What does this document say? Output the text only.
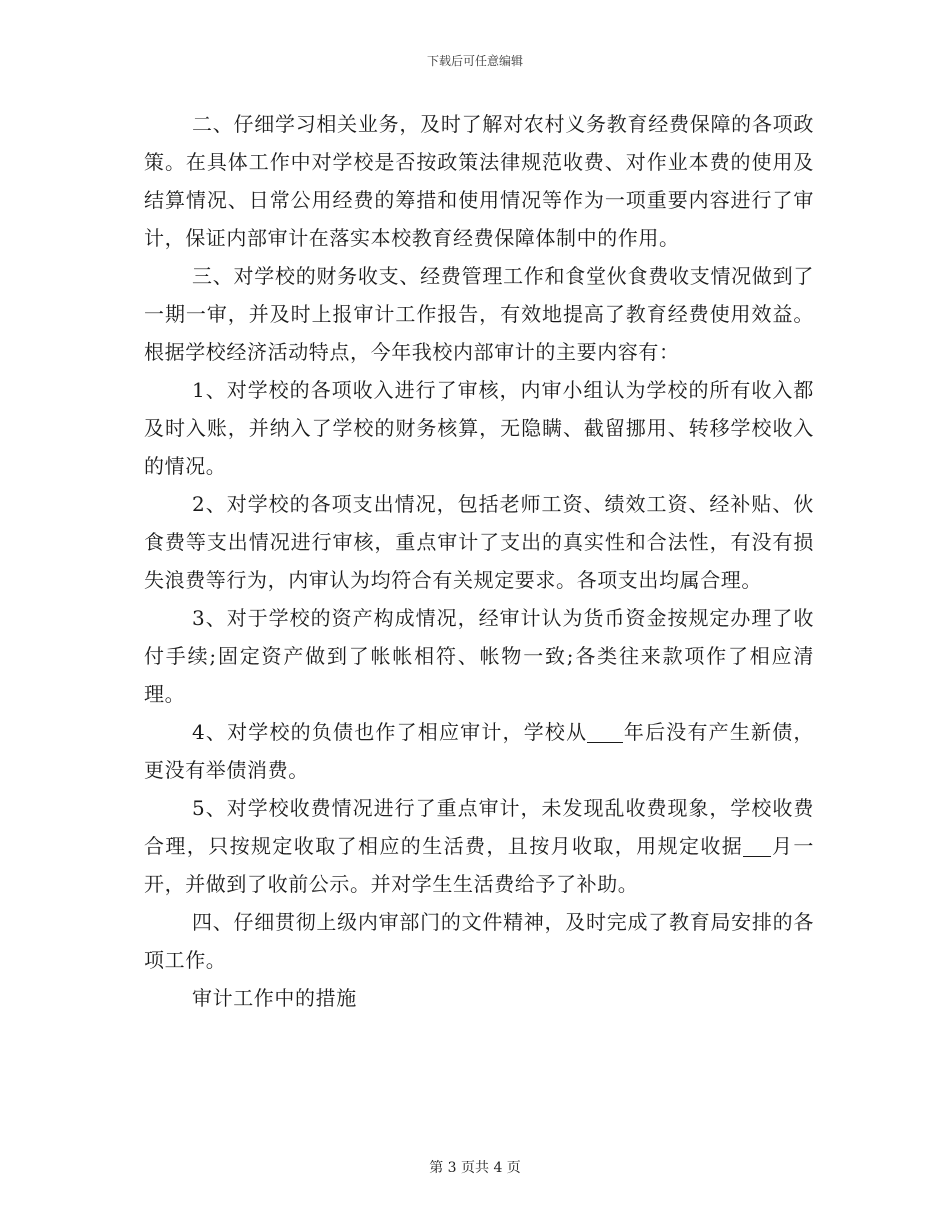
下载后可任意编辑

二、仔细学习相关业务，及时了解对农村义务教育经费保障的各项政策。在具体工作中对学校是否按政策法律规范收费、对作业本费的使用及结算情况、日常公用经费的筹措和使用情况等作为一项重要内容进行了审计，保证内部审计在落实本校教育经费保障体制中的作用。

三、对学校的财务收支、经费管理工作和食堂伙食费收支情况做到了一期一审，并及时上报审计工作报告，有效地提高了教育经费使用效益。根据学校经济活动特点，今年我校内部审计的主要内容有：

1、对学校的各项收入进行了审核，内审小组认为学校的所有收入都及时入账，并纳入了学校的财务核算，无隐瞒、截留挪用、转移学校收入的情况。

2、对学校的各项支出情况，包括老师工资、绩效工资、经补贴、伙食费等支出情况进行审核，重点审计了支出的真实性和合法性，有没有损失浪费等行为，内审认为均符合有关规定要求。各项支出均属合理。

3、对于学校的资产构成情况，经审计认为货币资金按规定办理了收付手续;固定资产做到了帐帐相符、帐物一致;各类往来款项作了相应清理。

4、对学校的负债也作了相应审计，学校从 年后没有产生新债，更没有举债消费。

5、对学校收费情况进行了重点审计，未发现乱收费现象，学校收费合理，只按规定收取了相应的生活费，且按月收取，用规定收据 月一开，并做到了收前公示。并对学生生活费给予了补助。

四、仔细贯彻上级内审部门的文件精神，及时完成了教育局安排的各项工作。

审计工作中的措施

第 3 页共 4 页
